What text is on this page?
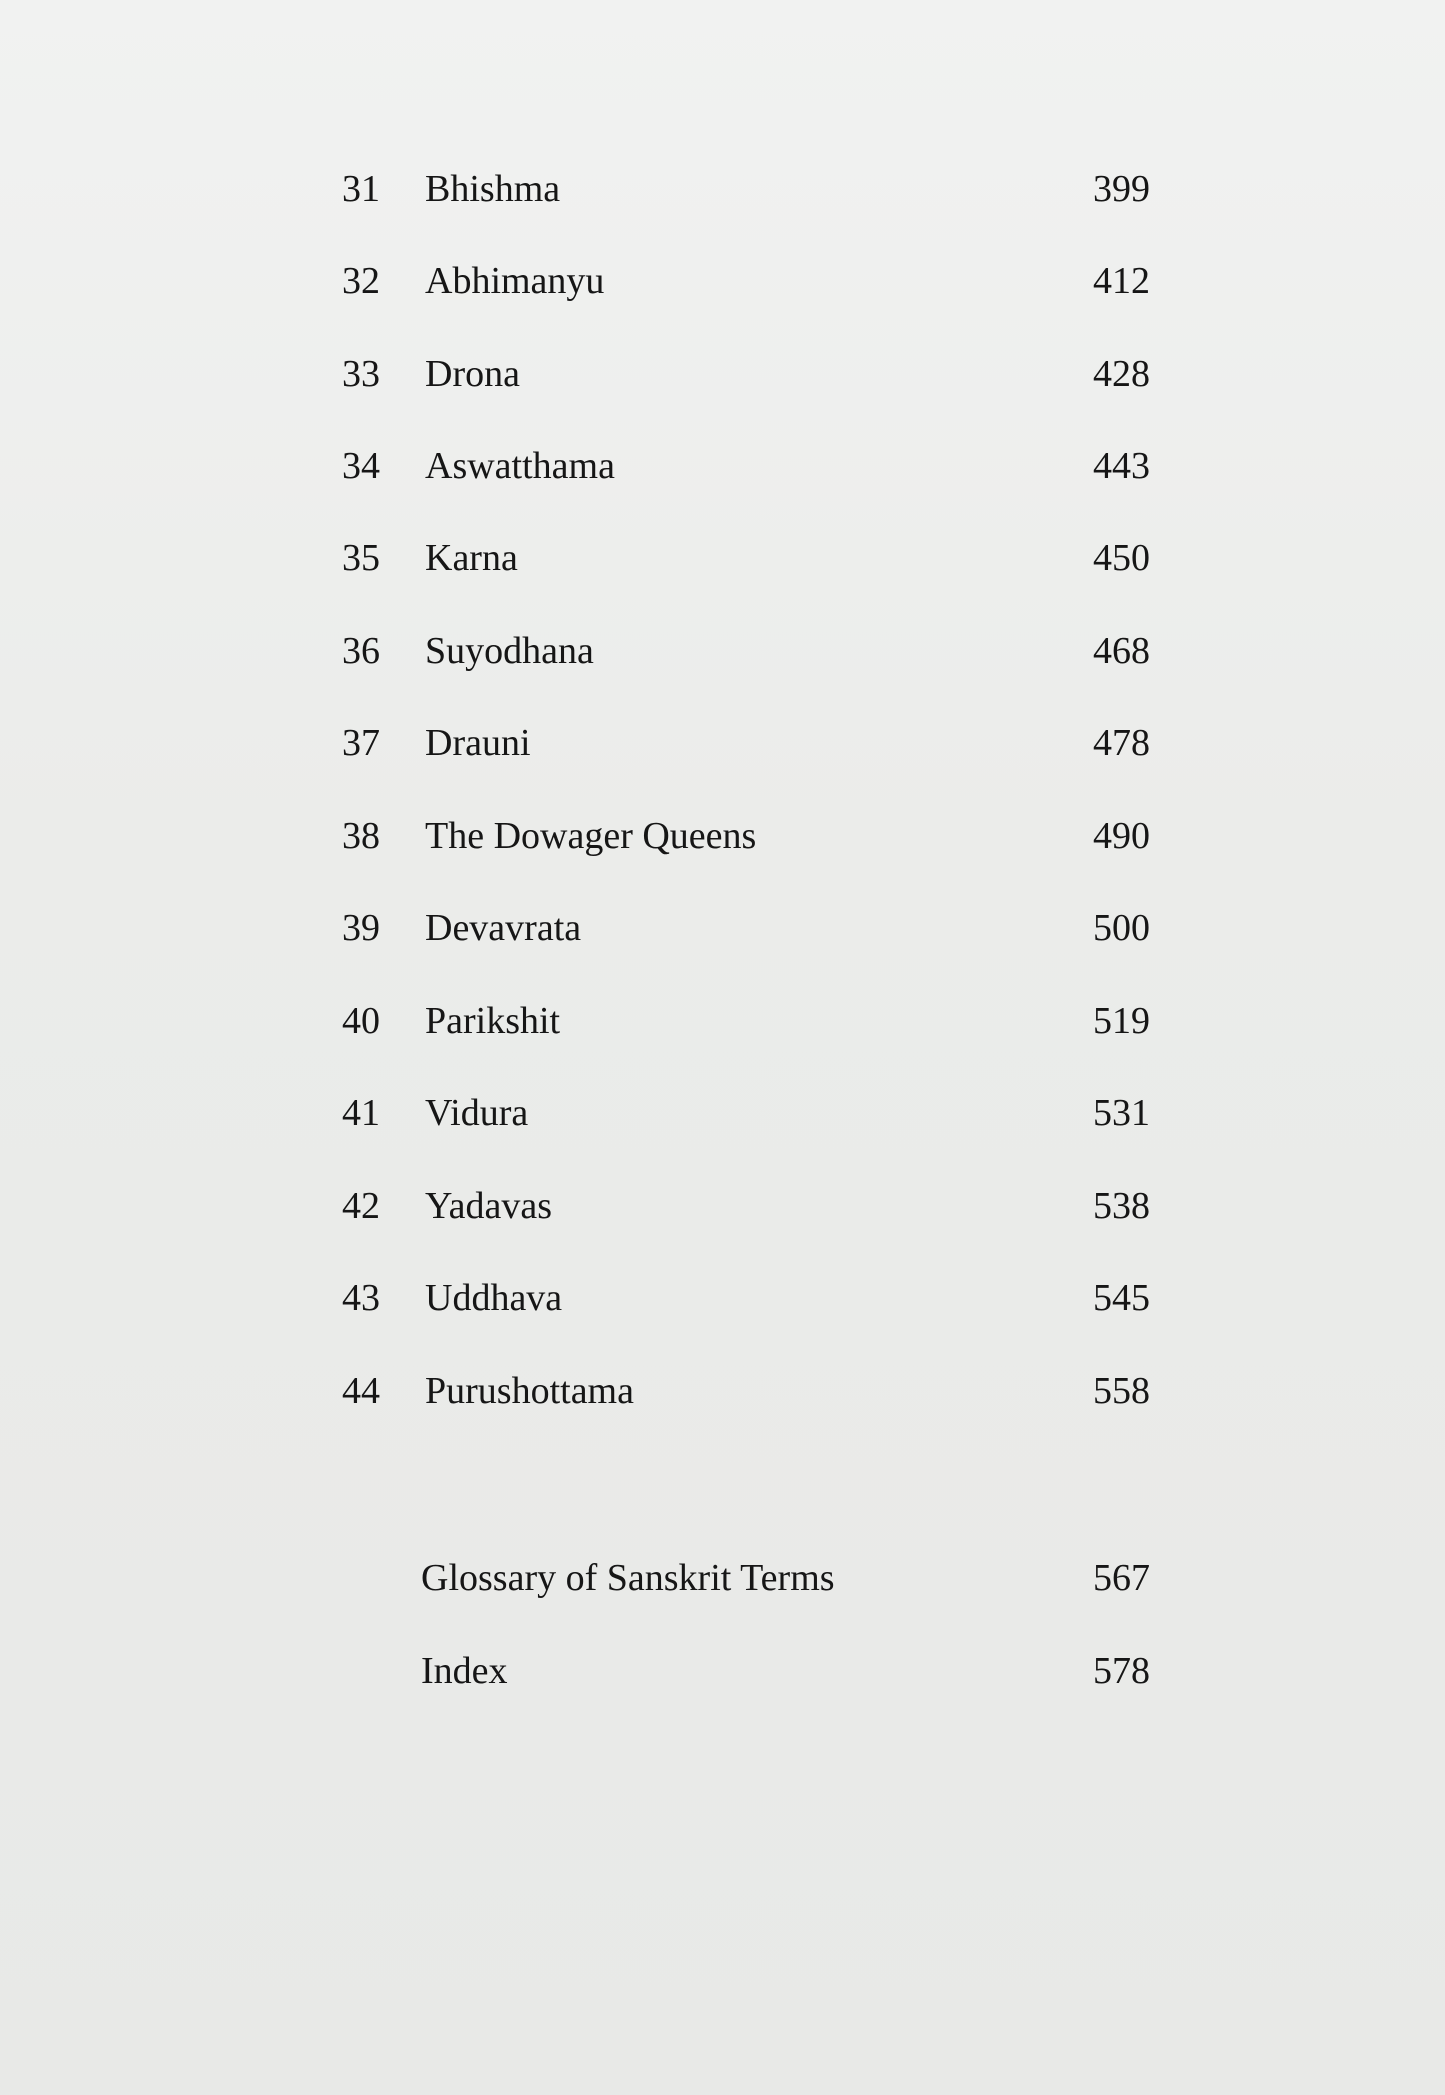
31 Bhishma	399
32 Abhimanyu	412
33 Drona	428
34 Aswatthama	443
35 Karna	450
36 Suyodhana	468
37 Drauni	478
38 The Dowager Queens	490
39 Devavrata	500
40 Parikshit	519
41 Vidura	531
42 Yadavas	538
43 Uddhava	545
44 Purushottama	558
Glossary of Sanskrit Terms	567
Index	578
